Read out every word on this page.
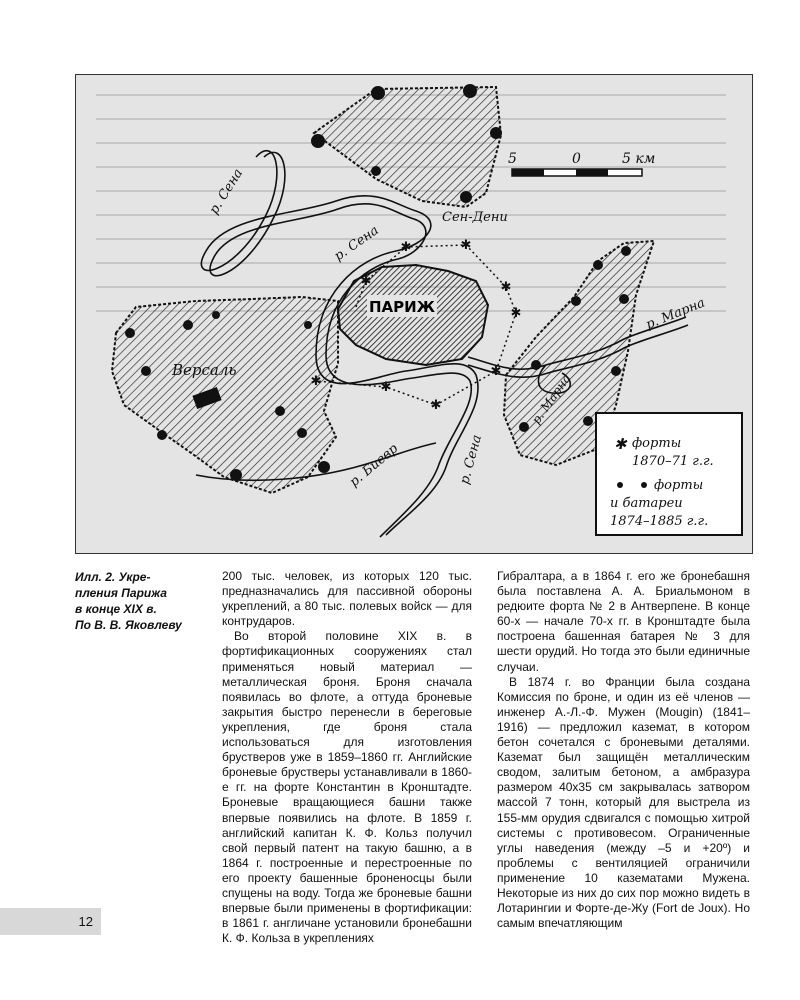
ПАРИЖ
✱
✱	✱
✱
✱
✱
✱
✱
✱
Версаль
Сен-Дени
р. Сена
р. Сена
р. Сена
р. Марна
р. Марна
р. Биевр
5	0	5 км
✱ форты
1870–71 г.г.
форты
и батареи
1874–1885 г.г.
Илл. 2. Укре-
пления Парижа
в конце XIX в.
По В. В. Яковлеву

200 тыс. человек, из которых 120 тыс. предназначались для пассивной обороны укреплений, а 80 тыс. полевых войск — для контрударов.

Во второй половине XIX в. в фортификационных сооружениях стал применяться новый материал — металлическая броня. Броня сначала появилась во флоте, а оттуда броневые закрытия быстро перенесли в береговые укрепления, где броня стала использоваться для изготовления брустверов уже в 1859–1860 гг. Английские броневые брустверы устанавливали в 1860-е гг. на форте Константин в Кронштадте. Броневые вращающиеся башни также впервые появились на флоте. В 1859 г. английский капитан К. Ф. Кольз получил свой первый патент на такую башню, а в 1864 г. построенные и перестроенные по его проекту башенные броненосцы были спущены на воду. Тогда же броневые башни впервые были применены в фортификации: в 1861 г. англичане установили бронебашни К. Ф. Кольза в укреплениях

Гибралтара, а в 1864 г. его же бронебашня была поставлена А. А. Бриальмоном в редюите форта № 2 в Антверпене. В конце 60-х — начале 70-х гг. в Кронштадте была построена башенная батарея № 3 для шести орудий. Но тогда это были единичные случаи.

В 1874 г. во Франции была создана Комиссия по броне, и один из её членов — инженер А.-Л.-Ф. Мужен (Mougin) (1841–1916) — предложил каземат, в котором бетон сочетался с броневыми деталями. Каземат был защищён металлическим сводом, залитым бетоном, а амбразура размером 40х35 см закрывалась затвором массой 7 тонн, который для выстрела из 155-мм орудия сдвигался с помощью хитрой системы с противовесом. Ограниченные углы наведения (между –5 и +20º) и проблемы с вентиляцией ограничили применение 10 казематами Мужена. Некоторые из них до сих пор можно видеть в Лотарингии и Форте-де-Жу (Fort de Joux). Но самым впечатляющим

12
